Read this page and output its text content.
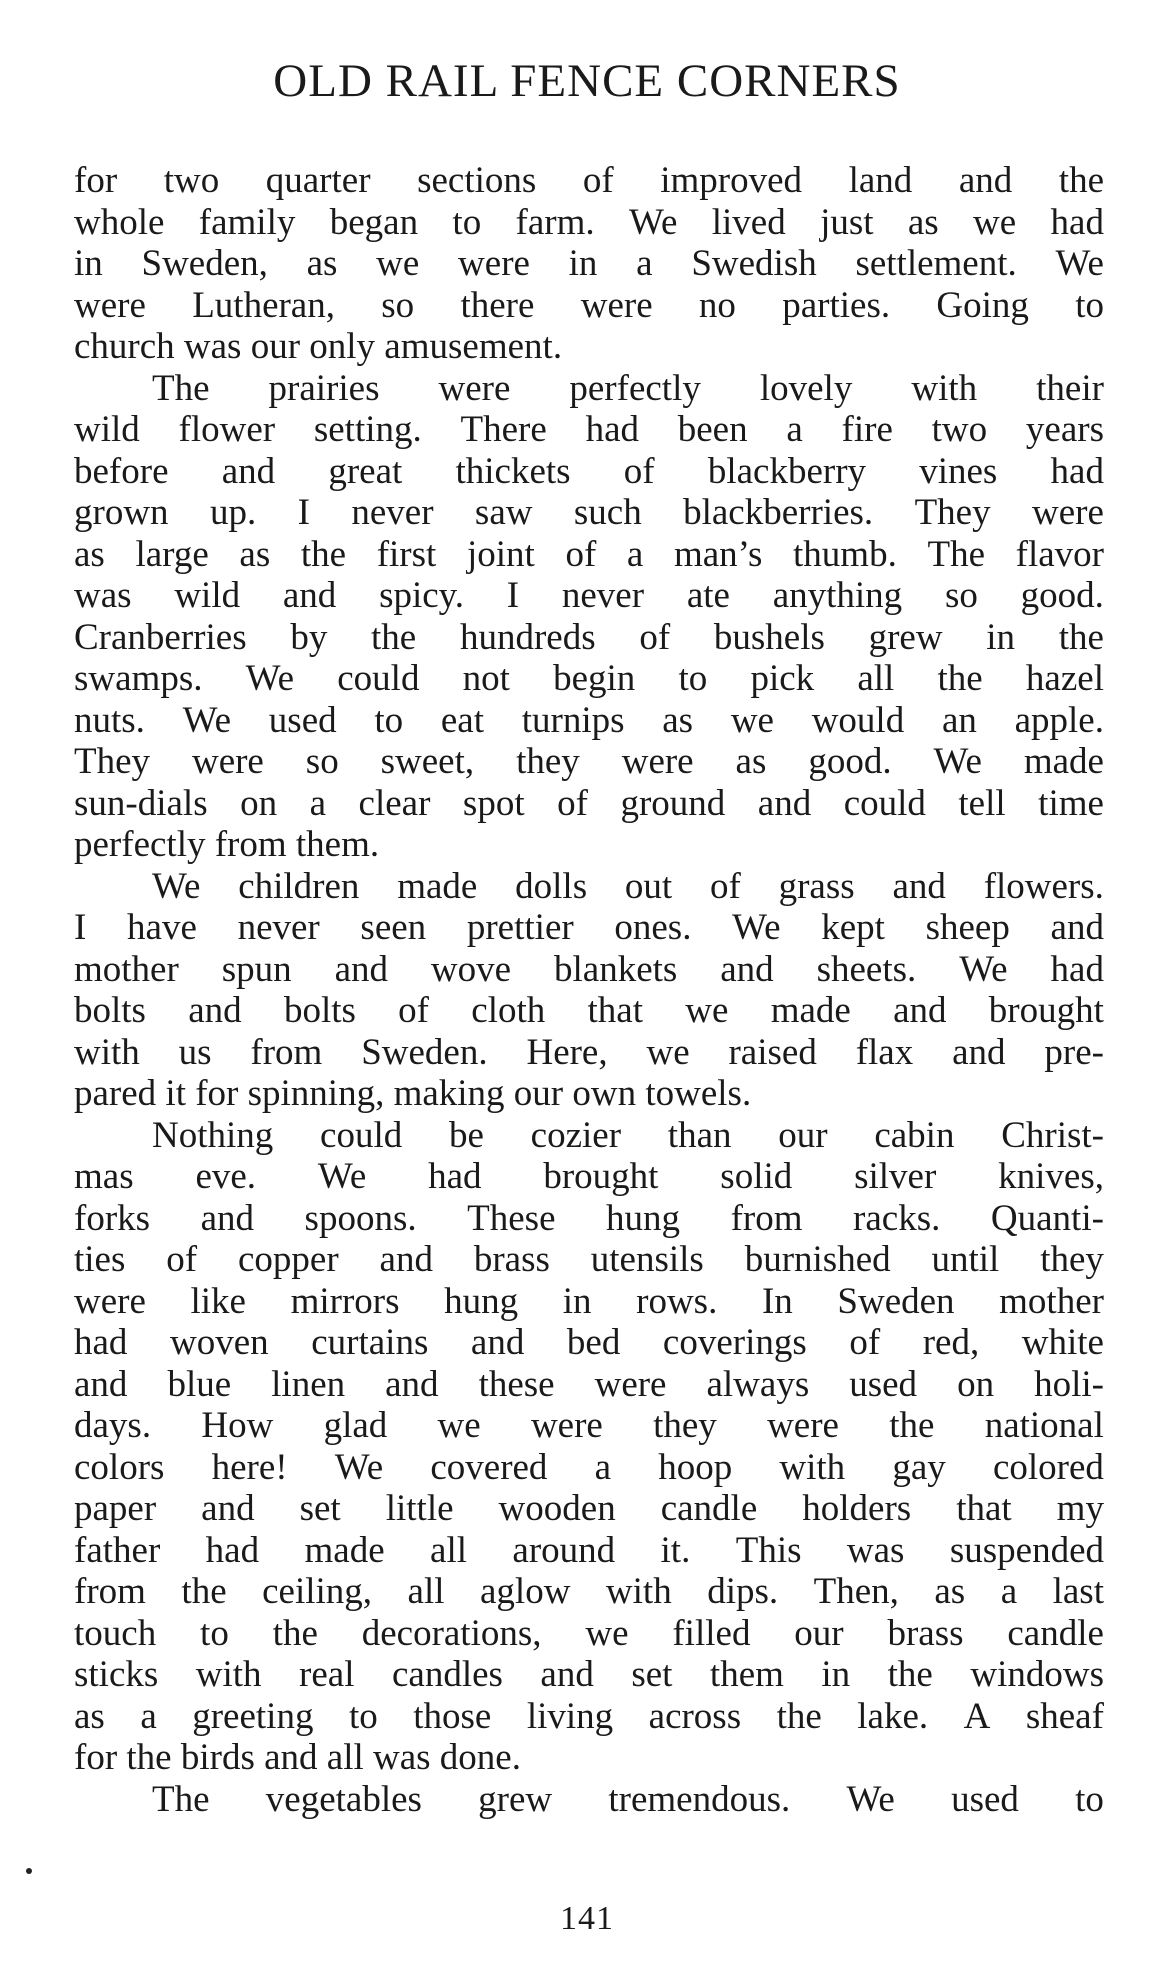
OLD RAIL FENCE CORNERS
for two quarter sections of improved land and the
whole family began to farm. We lived just as we had
in Sweden, as we were in a Swedish settlement. We
were Lutheran, so there were no parties. Going to
church was our only amusement.
The prairies were perfectly lovely with their
wild flower setting. There had been a fire two years
before and great thickets of blackberry vines had
grown up. I never saw such blackberries. They were
as large as the first joint of a man’s thumb. The flavor
was wild and spicy. I never ate anything so good.
Cranberries by the hundreds of bushels grew in the
swamps. We could not begin to pick all the hazel
nuts. We used to eat turnips as we would an apple.
They were so sweet, they were as good. We made
sun-dials on a clear spot of ground and could tell time
perfectly from them.
We children made dolls out of grass and flowers.
I have never seen prettier ones. We kept sheep and
mother spun and wove blankets and sheets. We had
bolts and bolts of cloth that we made and brought
with us from Sweden. Here, we raised flax and pre-
pared it for spinning, making our own towels.
Nothing could be cozier than our cabin Christ-
mas eve. We had brought solid silver knives,
forks and spoons. These hung from racks. Quanti-
ties of copper and brass utensils burnished until they
were like mirrors hung in rows. In Sweden mother
had woven curtains and bed coverings of red, white
and blue linen and these were always used on holi-
days. How glad we were they were the national
colors here! We covered a hoop with gay colored
paper and set little wooden candle holders that my
father had made all around it. This was suspended
from the ceiling, all aglow with dips. Then, as a last
touch to the decorations, we filled our brass candle
sticks with real candles and set them in the windows
as a greeting to those living across the lake. A sheaf
for the birds and all was done.
The vegetables grew tremendous. We used to
141
